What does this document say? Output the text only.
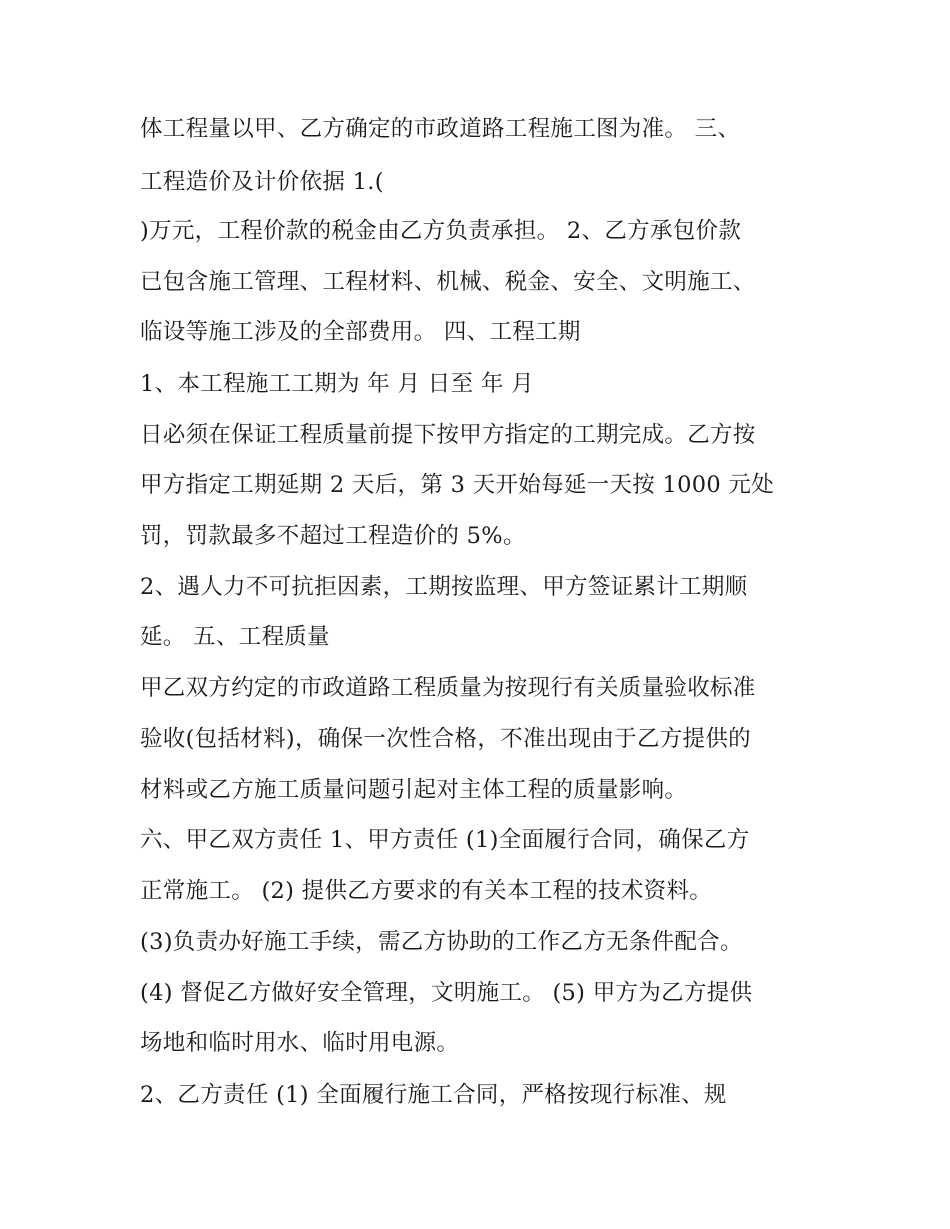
体工程量以甲、乙方确定的市政道路工程施工图为准。 三、
工程造价及计价依据 1.(
)万元，工程价款的税金由乙方负责承担。 2、乙方承包价款
已包含施工管理、工程材料、机械、税金、安全、文明施工、
临设等施工涉及的全部费用。 四、工程工期
1、本工程施工工期为 年 月 日至 年 月
日必须在保证工程质量前提下按甲方指定的工期完成。乙方按
甲方指定工期延期 2 天后，第 3 天开始每延一天按 1000 元处
罚，罚款最多不超过工程造价的 5%。
2、遇人力不可抗拒因素，工期按监理、甲方签证累计工期顺
延。 五、工程质量
甲乙双方约定的市政道路工程质量为按现行有关质量验收标准
验收(包括材料)，确保一次性合格，不准出现由于乙方提供的
材料或乙方施工质量问题引起对主体工程的质量影响。
六、甲乙双方责任 1、甲方责任 (1)全面履行合同，确保乙方
正常施工。 (2) 提供乙方要求的有关本工程的技术资料。
(3)负责办好施工手续，需乙方协助的工作乙方无条件配合。
(4) 督促乙方做好安全管理，文明施工。 (5) 甲方为乙方提供
场地和临时用水、临时用电源。
2、乙方责任 (1) 全面履行施工合同，严格按现行标准、规
